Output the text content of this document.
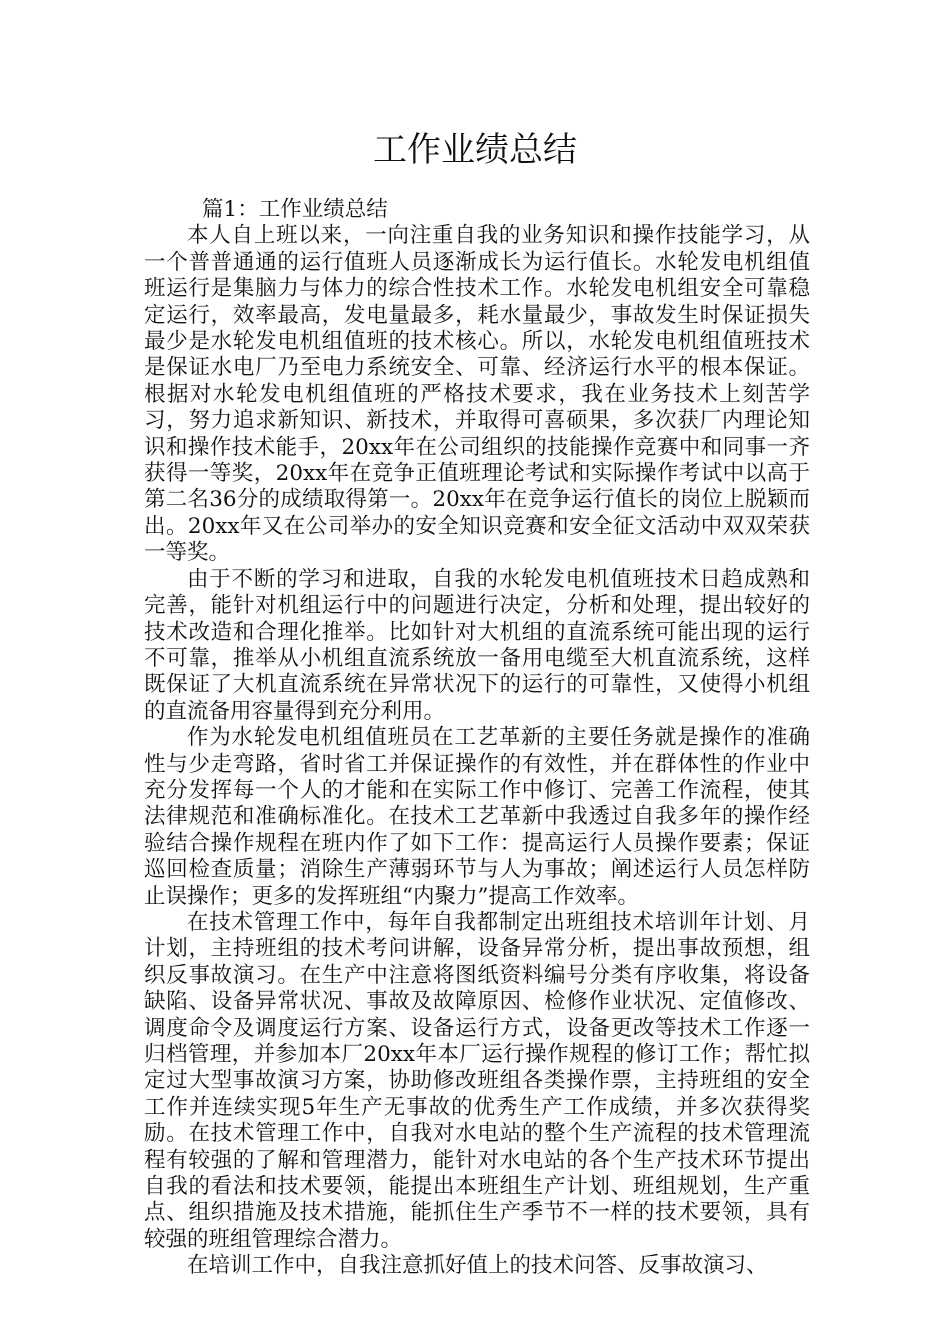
工作业绩总结

篇1：工作业绩总结

本人自上班以来，一向注重自我的业务知识和操作技能学习，从一个普普通通的运行值班人员逐渐成长为运行值长。水轮发电机组值班运行是集脑力与体力的综合性技术工作。水轮发电机组安全可靠稳定运行，效率最高，发电量最多，耗水量最少，事故发生时保证损失最少是水轮发电机组值班的技术核心。所以，水轮发电机组值班技术是保证水电厂乃至电力系统安全、可靠、经济运行水平的根本保证。根据对水轮发电机组值班的严格技术要求，我在业务技术上刻苦学习，努力追求新知识、新技术，并取得可喜硕果，多次获厂内理论知识和操作技术能手，20xx年在公司组织的技能操作竞赛中和同事一齐获得一等奖，20xx年在竞争正值班理论考试和实际操作考试中以高于第二名36分的成绩取得第一。20xx年在竞争运行值长的岗位上脱颖而出。20xx年又在公司举办的安全知识竞赛和安全征文活动中双双荣获一等奖。

由于不断的学习和进取，自我的水轮发电机值班技术日趋成熟和完善，能针对机组运行中的问题进行决定，分析和处理，提出较好的技术改造和合理化推举。比如针对大机组的直流系统可能出现的运行不可靠，推举从小机组直流系统放一备用电缆至大机直流系统，这样既保证了大机直流系统在异常状况下的运行的可靠性，又使得小机组的直流备用容量得到充分利用。

作为水轮发电机组值班员在工艺革新的主要任务就是操作的准确性与少走弯路，省时省工并保证操作的有效性，并在群体性的作业中充分发挥每一个人的才能和在实际工作中修订、完善工作流程，使其法律规范和准确标准化。在技术工艺革新中我透过自我多年的操作经验结合操作规程在班内作了如下工作：提高运行人员操作要素；保证巡回检查质量；消除生产薄弱环节与人为事故；阐述运行人员怎样防止误操作；更多的发挥班组“内聚力”提高工作效率。

在技术管理工作中，每年自我都制定出班组技术培训年计划、月计划，主持班组的技术考问讲解，设备异常分析，提出事故预想，组织反事故演习。在生产中注意将图纸资料编号分类有序收集，将设备缺陷、设备异常状况、事故及故障原因、检修作业状况、定值修改、调度命令及调度运行方案、设备运行方式，设备更改等技术工作逐一归档管理，并参加本厂20xx年本厂运行操作规程的修订工作；帮忙拟定过大型事故演习方案，协助修改班组各类操作票，主持班组的安全工作并连续实现5年生产无事故的优秀生产工作成绩，并多次获得奖励。在技术管理工作中，自我对水电站的整个生产流程的技术管理流程有较强的了解和管理潜力，能针对水电站的各个生产技术环节提出自我的看法和技术要领，能提出本班组生产计划、班组规划，生产重点、组织措施及技术措施，能抓住生产季节不一样的技术要领，具有较强的班组管理综合潜力。

在培训工作中，自我注意抓好值上的技术问答、反事故演习、
